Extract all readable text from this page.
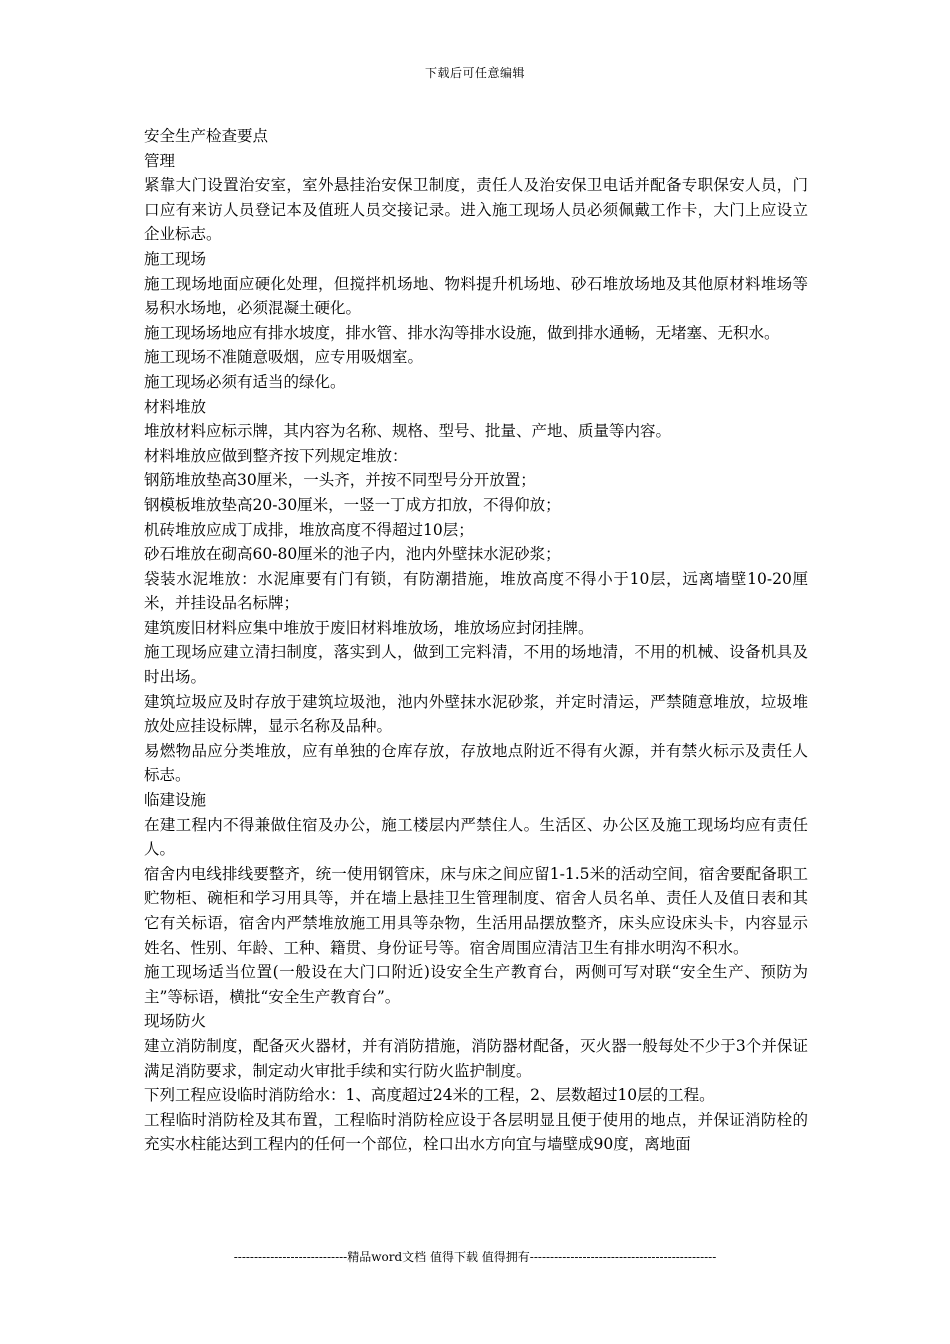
下载后可任意编辑

安全生产检查要点

管理

紧靠大门设置治安室，室外悬挂治安保卫制度，责任人及治安保卫电话并配备专职保安人员，门口应有来访人员登记本及值班人员交接记录。进入施工现场人员必须佩戴工作卡，大门上应设立企业标志。

施工现场

施工现场地面应硬化处理，但搅拌机场地、物料提升机场地、砂石堆放场地及其他原材料堆场等易积水场地，必须混凝土硬化。

施工现场场地应有排水坡度，排水管、排水沟等排水设施，做到排水通畅，无堵塞、无积水。

施工现场不准随意吸烟，应专用吸烟室。

施工现场必须有适当的绿化。

材料堆放

堆放材料应标示牌，其内容为名称、规格、型号、批量、产地、质量等内容。

材料堆放应做到整齐按下列规定堆放：

钢筋堆放垫高30厘米，一头齐，并按不同型号分开放置；

钢模板堆放垫高20-30厘米，一竖一丁成方扣放，不得仰放；

机砖堆放应成丁成排，堆放高度不得超过10层；

砂石堆放在砌高60-80厘米的池子内，池内外壁抹水泥砂浆；

袋装水泥堆放：水泥庫要有门有锁，有防潮措施，堆放高度不得小于10层，远离墙壁10-20厘米，并挂设品名标牌；

建筑废旧材料应集中堆放于废旧材料堆放场，堆放场应封闭挂牌。

施工现场应建立清扫制度，落实到人，做到工完料清，不用的场地清，不用的机械、设备机具及时出场。

建筑垃圾应及时存放于建筑垃圾池，池内外壁抹水泥砂浆，并定时清运，严禁随意堆放，垃圾堆放处应挂设标牌，显示名称及品种。

易燃物品应分类堆放，应有单独的仓库存放，存放地点附近不得有火源，并有禁火标示及责任人标志。

临建设施

在建工程内不得兼做住宿及办公，施工楼层内严禁住人。生活区、办公区及施工现场均应有责任人。

宿舍内电线排线要整齐，统一使用钢管床，床与床之间应留1-1.5米的活动空间，宿舍要配备职工贮物柜、碗柜和学习用具等，并在墙上悬挂卫生管理制度、宿舍人员名单、责任人及值日表和其它有关标语，宿舍内严禁堆放施工用具等杂物，生活用品摆放整齐，床头应设床头卡，内容显示姓名、性别、年龄、工种、籍贯、身份证号等。宿舍周围应清洁卫生有排水明沟不积水。

施工现场适当位置(一般设在大门口附近)设安全生产教育台，两侧可写对联“安全生产、预防为主”等标语，横批“安全生产教育台”。

现场防火

建立消防制度，配备灭火器材，并有消防措施，消防器材配备，灭火器一般每处不少于3个并保证满足消防要求，制定动火审批手续和实行防火监护制度。

下列工程应设临时消防给水：1、高度超过24米的工程，2、层数超过10层的工程。

工程临时消防栓及其布置，工程临时消防栓应设于各层明显且便于使用的地点，并保证消防栓的充实水柱能达到工程内的任何一个部位，栓口出水方向宜与墙壁成90度，离地面

----------------------------精品word文档 值得下载 值得拥有----------------------------------------------
